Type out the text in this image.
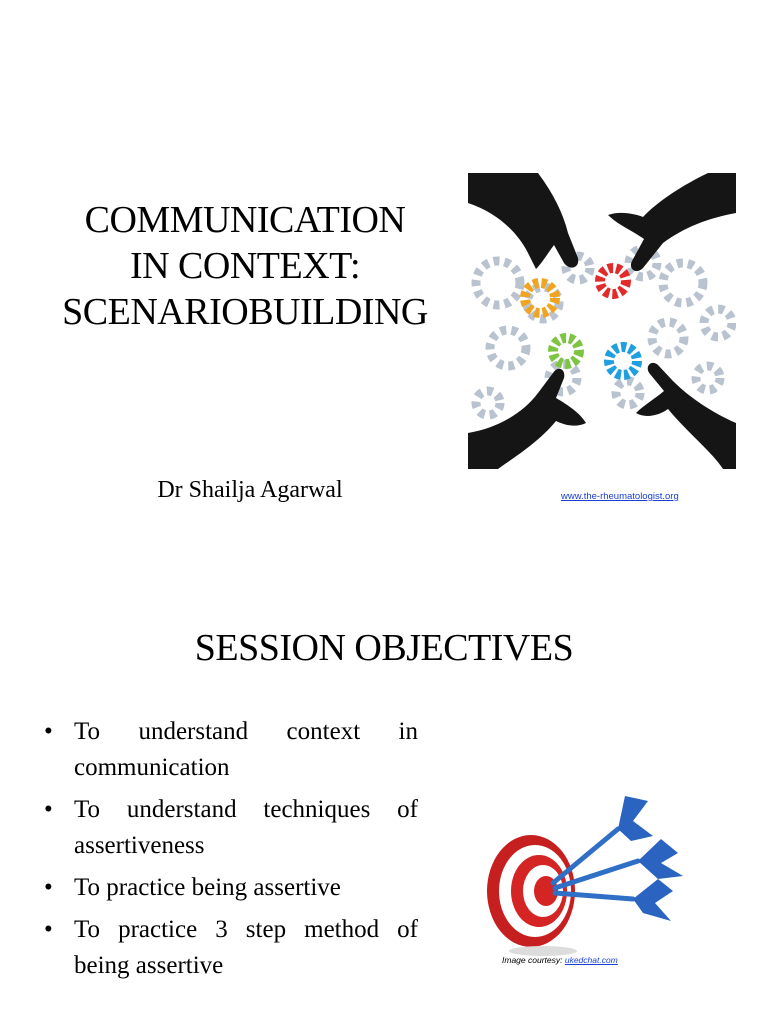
COMMUNICATION
IN CONTEXT:
SCENARIOBUILDING
Dr Shailja Agarwal	www.the-rheumatologist.org
SESSION OBJECTIVES
• To understand context in communication
• To understand techniques of assertiveness
• To practice being assertive
• To practice 3 step method of being assertive	Image courtesy: ukedchat.com
